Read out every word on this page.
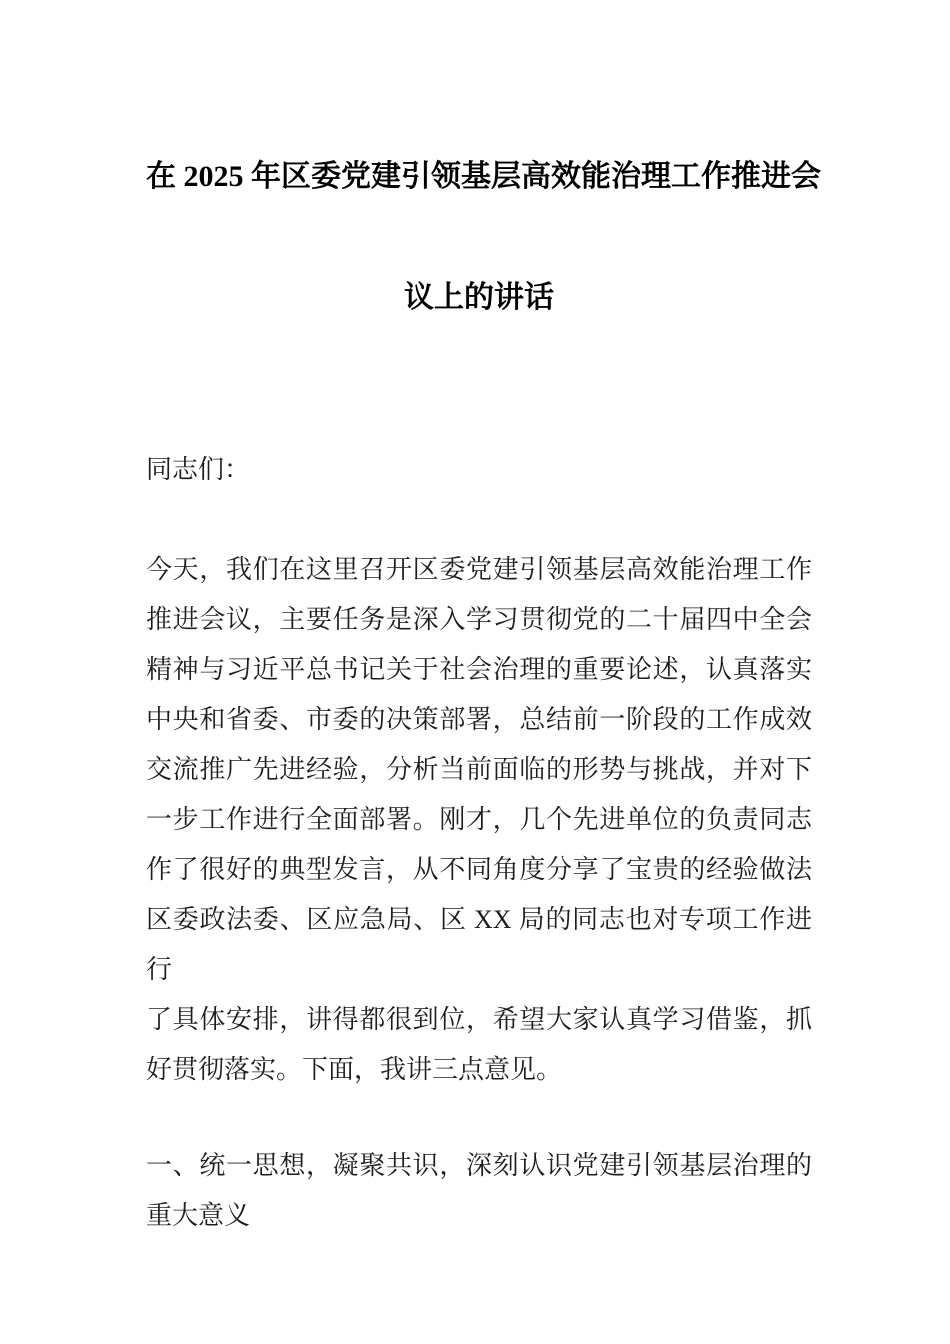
在 2025 年区委党建引领基层高效能治理工作推进会
议上的讲话
同志们：
今天，我们在这里召开区委党建引领基层高效能治理工作
推进会议，主要任务是深入学习贯彻党的二十届四中全会
精神与习近平总书记关于社会治理的重要论述，认真落实
中央和省委、市委的决策部署，总结前一阶段的工作成效
交流推广先进经验，分析当前面临的形势与挑战，并对下
一步工作进行全面部署。刚才，几个先进单位的负责同志
作了很好的典型发言，从不同角度分享了宝贵的经验做法
区委政法委、区应急局、区 XX 局的同志也对专项工作进行
了具体安排，讲得都很到位，希望大家认真学习借鉴，抓
好贯彻落实。下面，我讲三点意见。
一、统一思想，凝聚共识，深刻认识党建引领基层治理的
重大意义
